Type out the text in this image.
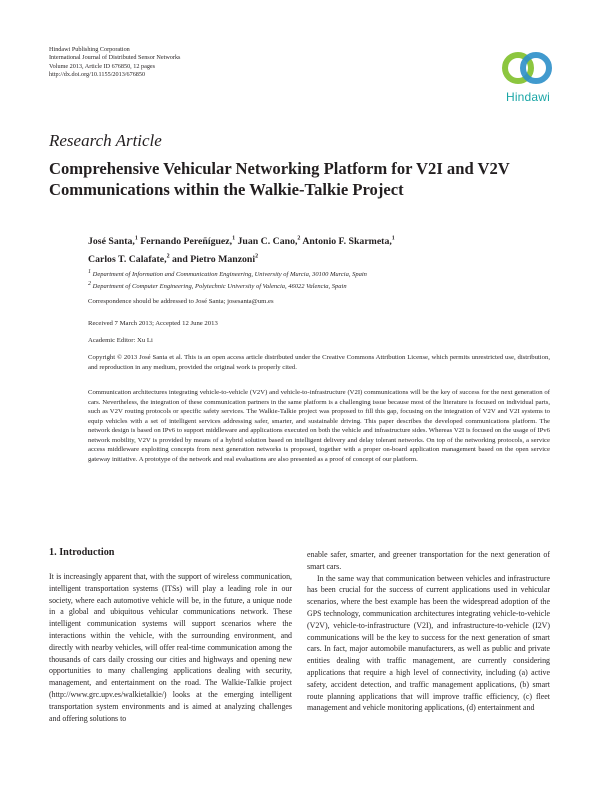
Hindawi Publishing Corporation
International Journal of Distributed Sensor Networks
Volume 2013, Article ID 676850, 12 pages
http://dx.doi.org/10.1155/2013/676850
Hindawi
Research Article
Comprehensive Vehicular Networking Platform for V2I and V2V Communications within the Walkie-Talkie Project
José Santa,$^1$ Fernando Pereñíguez,$^1$ Juan C. Cano,$^2$ Antonio F. Skarmeta,$^1$
Carlos T. Calafate,$^2$ and Pietro Manzoni$^2$
$^1$ Department of Information and Communication Engineering, University of Murcia, 30100 Murcia, Spain
$^2$ Department of Computer Engineering, Polytechnic University of Valencia, 46022 Valencia, Spain
Correspondence should be addressed to José Santa; josesanta@um.es
Received 7 March 2013; Accepted 12 June 2013
Academic Editor: Xu Li
Copyright © 2013 José Santa et al. This is an open access article distributed under the Creative Commons Attribution License, which permits unrestricted use, distribution, and reproduction in any medium, provided the original work is properly cited.
Communication architectures integrating vehicle-to-vehicle (V2V) and vehicle-to-infrastructure (V2I) communications will be the key of success for the next generation of cars. Nevertheless, the integration of these communication partners in the same platform is a challenging issue because most of the literature is focused on individual parts, such as V2V routing protocols or specific safety services. The Walkie-Talkie project was proposed to fill this gap, focusing on the integration of V2V and V2I systems to equip vehicles with a set of intelligent services addressing safer, smarter, and sustainable driving. This paper describes the developed communications platform. The network design is based on IPv6 to support middleware and applications executed on both the vehicle and infrastructure sides. Whereas V2I is focused on the usage of IPv6 network mobility, V2V is provided by means of a hybrid solution based on intelligent delivery and delay tolerant networks. On top of the networking protocols, a service access middleware exploiting concepts from next generation networks is proposed, together with a proper on-board application management based on the open service gateway initiative. A prototype of the network and real evaluations are also presented as a proof of concept of our platform.
1. Introduction

It is increasingly apparent that, with the support of wireless communication, intelligent transportation systems (ITSs) will play a leading role in our society, where each automotive vehicle will be, in the future, a unique node in a global and ubiquitous vehicular communications network. These intelligent communication systems will support scenarios where the interactions within the vehicle, with the surrounding environment, and directly with nearby vehicles, will offer real-time communication among the thousands of cars daily crossing our cities and highways and opening new opportunities to many challenging applications dealing with security, management, and entertainment on the road. The Walkie-Talkie project (http://www.grc.upv.es/walkietalkie/) looks at the emerging intelligent transportation system environments and is aimed at analyzing challenges and offering solutions to

enable safer, smarter, and greener transportation for the next generation of smart cars.

In the same way that communication between vehicles and infrastructure has been crucial for the success of current applications used in vehicular scenarios, where the best example has been the widespread adoption of the GPS technology, communication architectures integrating vehicle-to-vehicle (V2V), vehicle-to-infrastructure (V2I), and infrastructure-to-vehicle (I2V) communications will be the key to success for the next generation of smart cars. In fact, major automobile manufacturers, as well as public and private entities dealing with traffic management, are currently considering applications that require a high level of connectivity, including (a) active safety, accident detection, and traffic management applications, (b) smart route planning applications that will improve traffic efficiency, (c) fleet management and vehicle monitoring applications, (d) entertainment and
